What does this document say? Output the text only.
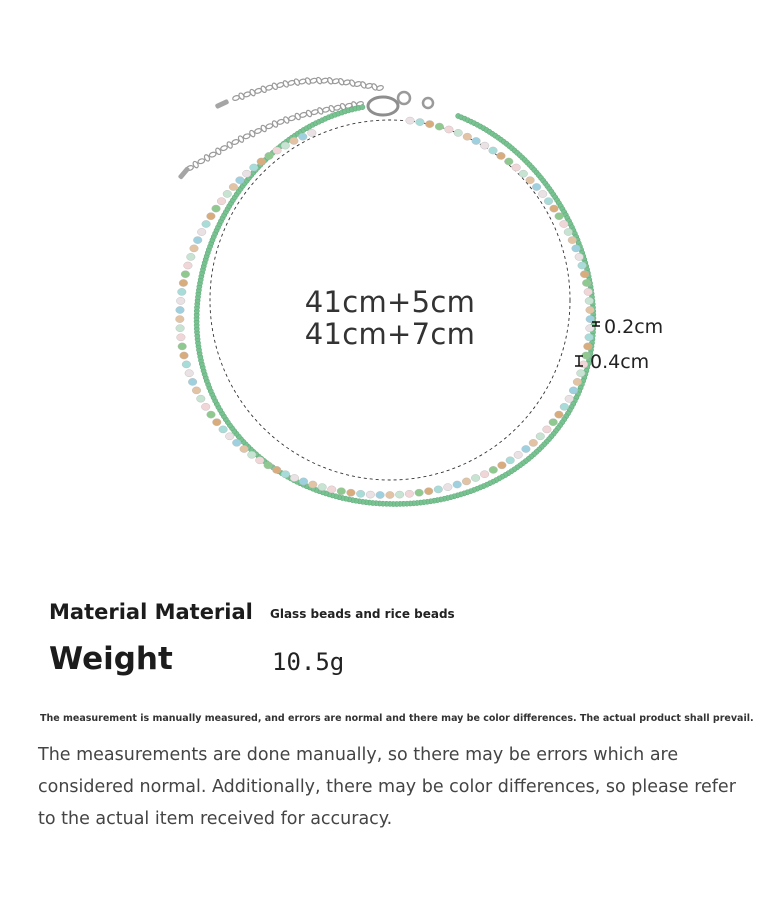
41cm+5cm
41cm+7cm	0.2cm
0.4cm
Material Material Glass beads and rice beads
Weight	10.5g
The measurement is manually measured, and errors are normal and there may be color differences. The actual product shall prevail.
The measurements are done manually, so there may be errors which are considered normal. Additionally, there may be color differences, so please refer to the actual item received for accuracy.
